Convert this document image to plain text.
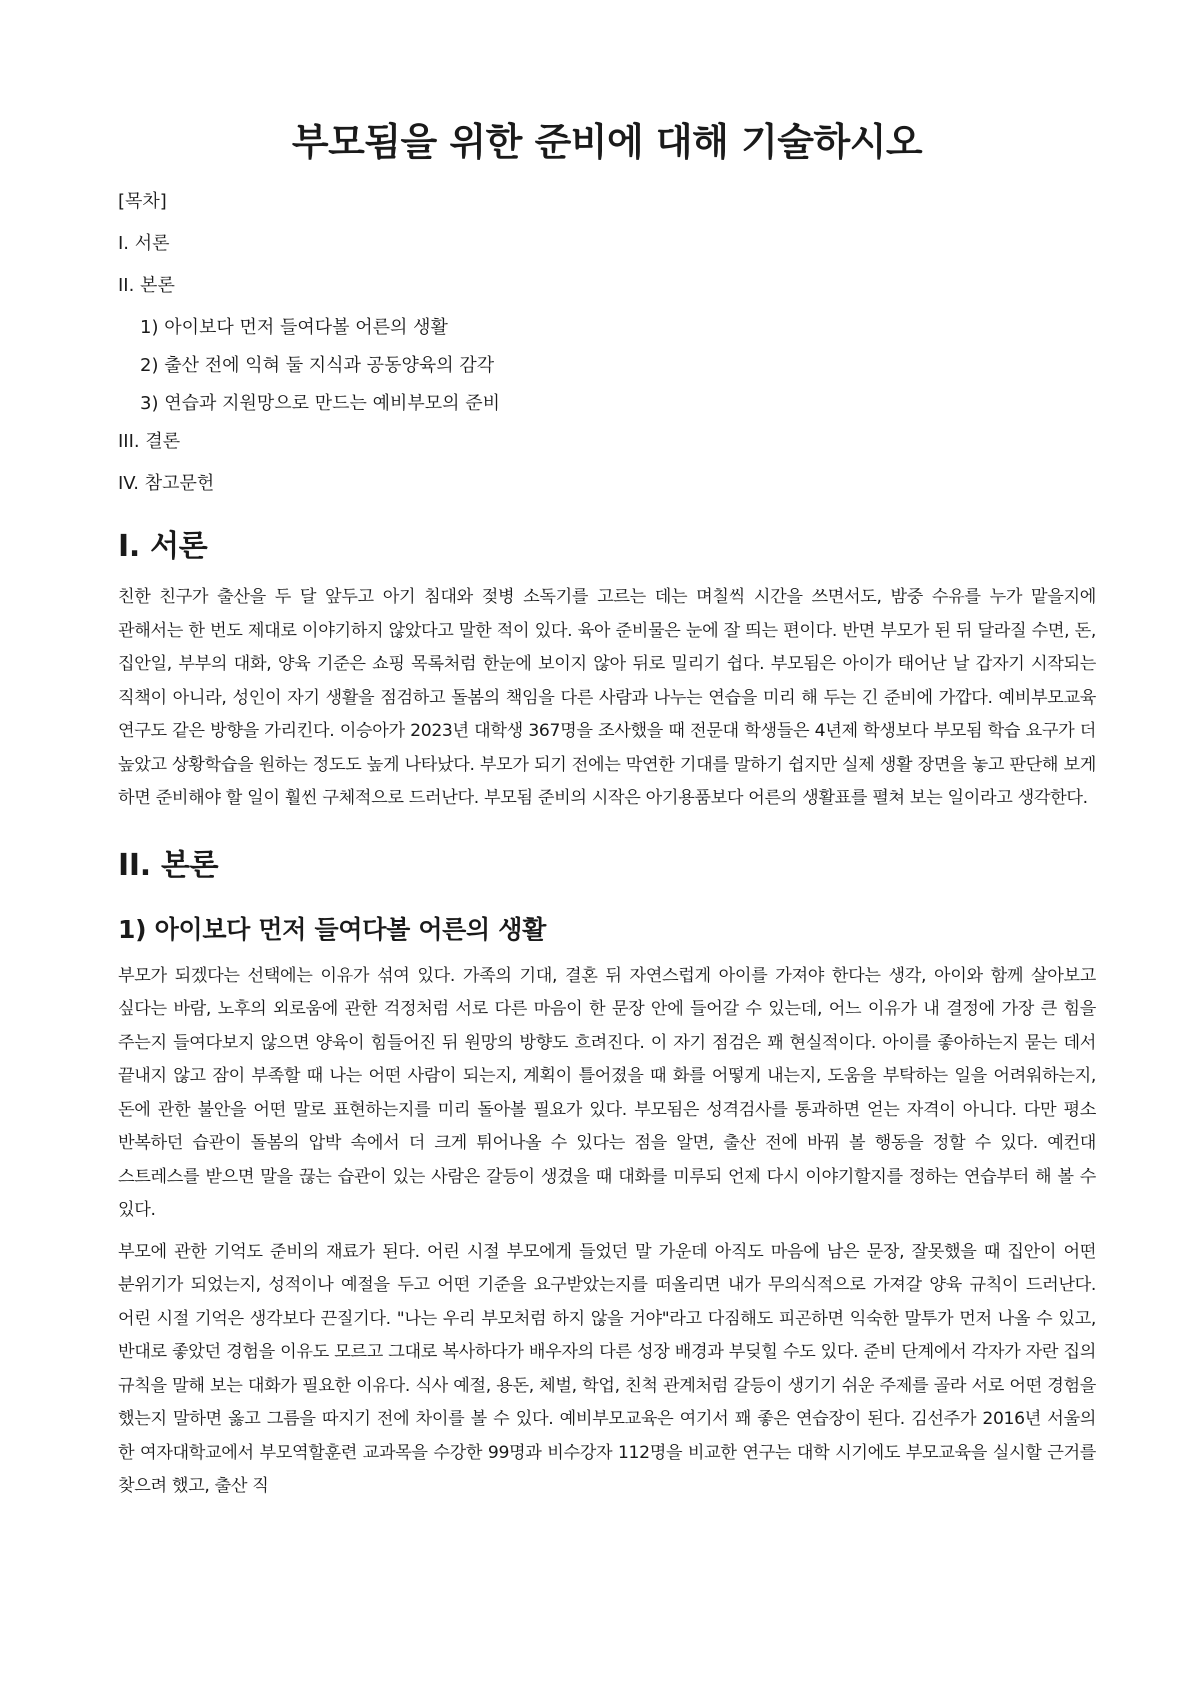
부모됨을 위한 준비에 대해 기술하시오
[목차]
I. 서론
II. 본론
1) 아이보다 먼저 들여다볼 어른의 생활
2) 출산 전에 익혀 둘 지식과 공동양육의 감각
3) 연습과 지원망으로 만드는 예비부모의 준비
III. 결론
IV. 참고문헌
I. 서론

친한 친구가 출산을 두 달 앞두고 아기 침대와 젖병 소독기를 고르는 데는 며칠씩 시간을 쓰면서도, 밤중 수유를 누가 맡을지에 관해서는 한 번도 제대로 이야기하지 않았다고 말한 적이 있다. 육아 준비물은 눈에 잘 띄는 편이다. 반면 부모가 된 뒤 달라질 수면, 돈, 집안일, 부부의 대화, 양육 기준은 쇼핑 목록처럼 한눈에 보이지 않아 뒤로 밀리기 쉽다. 부모됨은 아이가 태어난 날 갑자기 시작되는 직책이 아니라, 성인이 자기 생활을 점검하고 돌봄의 책임을 다른 사람과 나누는 연습을 미리 해 두는 긴 준비에 가깝다. 예비부모교육 연구도 같은 방향을 가리킨다. 이승아가 2023년 대학생 367명을 조사했을 때 전문대 학생들은 4년제 학생보다 부모됨 학습 요구가 더 높았고 상황학습을 원하는 정도도 높게 나타났다. 부모가 되기 전에는 막연한 기대를 말하기 쉽지만 실제 생활 장면을 놓고 판단해 보게 하면 준비해야 할 일이 훨씬 구체적으로 드러난다. 부모됨 준비의 시작은 아기용품보다 어른의 생활표를 펼쳐 보는 일이라고 생각한다.

II. 본론
1) 아이보다 먼저 들여다볼 어른의 생활

부모가 되겠다는 선택에는 이유가 섞여 있다. 가족의 기대, 결혼 뒤 자연스럽게 아이를 가져야 한다는 생각, 아이와 함께 살아보고 싶다는 바람, 노후의 외로움에 관한 걱정처럼 서로 다른 마음이 한 문장 안에 들어갈 수 있는데, 어느 이유가 내 결정에 가장 큰 힘을 주는지 들여다보지 않으면 양육이 힘들어진 뒤 원망의 방향도 흐려진다. 이 자기 점검은 꽤 현실적이다. 아이를 좋아하는지 묻는 데서 끝내지 않고 잠이 부족할 때 나는 어떤 사람이 되는지, 계획이 틀어졌을 때 화를 어떻게 내는지, 도움을 부탁하는 일을 어려워하는지, 돈에 관한 불안을 어떤 말로 표현하는지를 미리 돌아볼 필요가 있다. 부모됨은 성격검사를 통과하면 얻는 자격이 아니다. 다만 평소 반복하던 습관이 돌봄의 압박 속에서 더 크게 튀어나올 수 있다는 점을 알면, 출산 전에 바꿔 볼 행동을 정할 수 있다. 예컨대 스트레스를 받으면 말을 끊는 습관이 있는 사람은 갈등이 생겼을 때 대화를 미루되 언제 다시 이야기할지를 정하는 연습부터 해 볼 수 있다.

부모에 관한 기억도 준비의 재료가 된다. 어린 시절 부모에게 들었던 말 가운데 아직도 마음에 남은 문장, 잘못했을 때 집안이 어떤 분위기가 되었는지, 성적이나 예절을 두고 어떤 기준을 요구받았는지를 떠올리면 내가 무의식적으로 가져갈 양육 규칙이 드러난다. 어린 시절 기억은 생각보다 끈질기다. "나는 우리 부모처럼 하지 않을 거야"라고 다짐해도 피곤하면 익숙한 말투가 먼저 나올 수 있고, 반대로 좋았던 경험을 이유도 모르고 그대로 복사하다가 배우자의 다른 성장 배경과 부딪힐 수도 있다. 준비 단계에서 각자가 자란 집의 규칙을 말해 보는 대화가 필요한 이유다. 식사 예절, 용돈, 체벌, 학업, 친척 관계처럼 갈등이 생기기 쉬운 주제를 골라 서로 어떤 경험을 했는지 말하면 옳고 그름을 따지기 전에 차이를 볼 수 있다. 예비부모교육은 여기서 꽤 좋은 연습장이 된다. 김선주가 2016년 서울의 한 여자대학교에서 부모역할훈련 교과목을 수강한 99명과 비수강자 112명을 비교한 연구는 대학 시기에도 부모교육을 실시할 근거를 찾으려 했고, 출산 직
